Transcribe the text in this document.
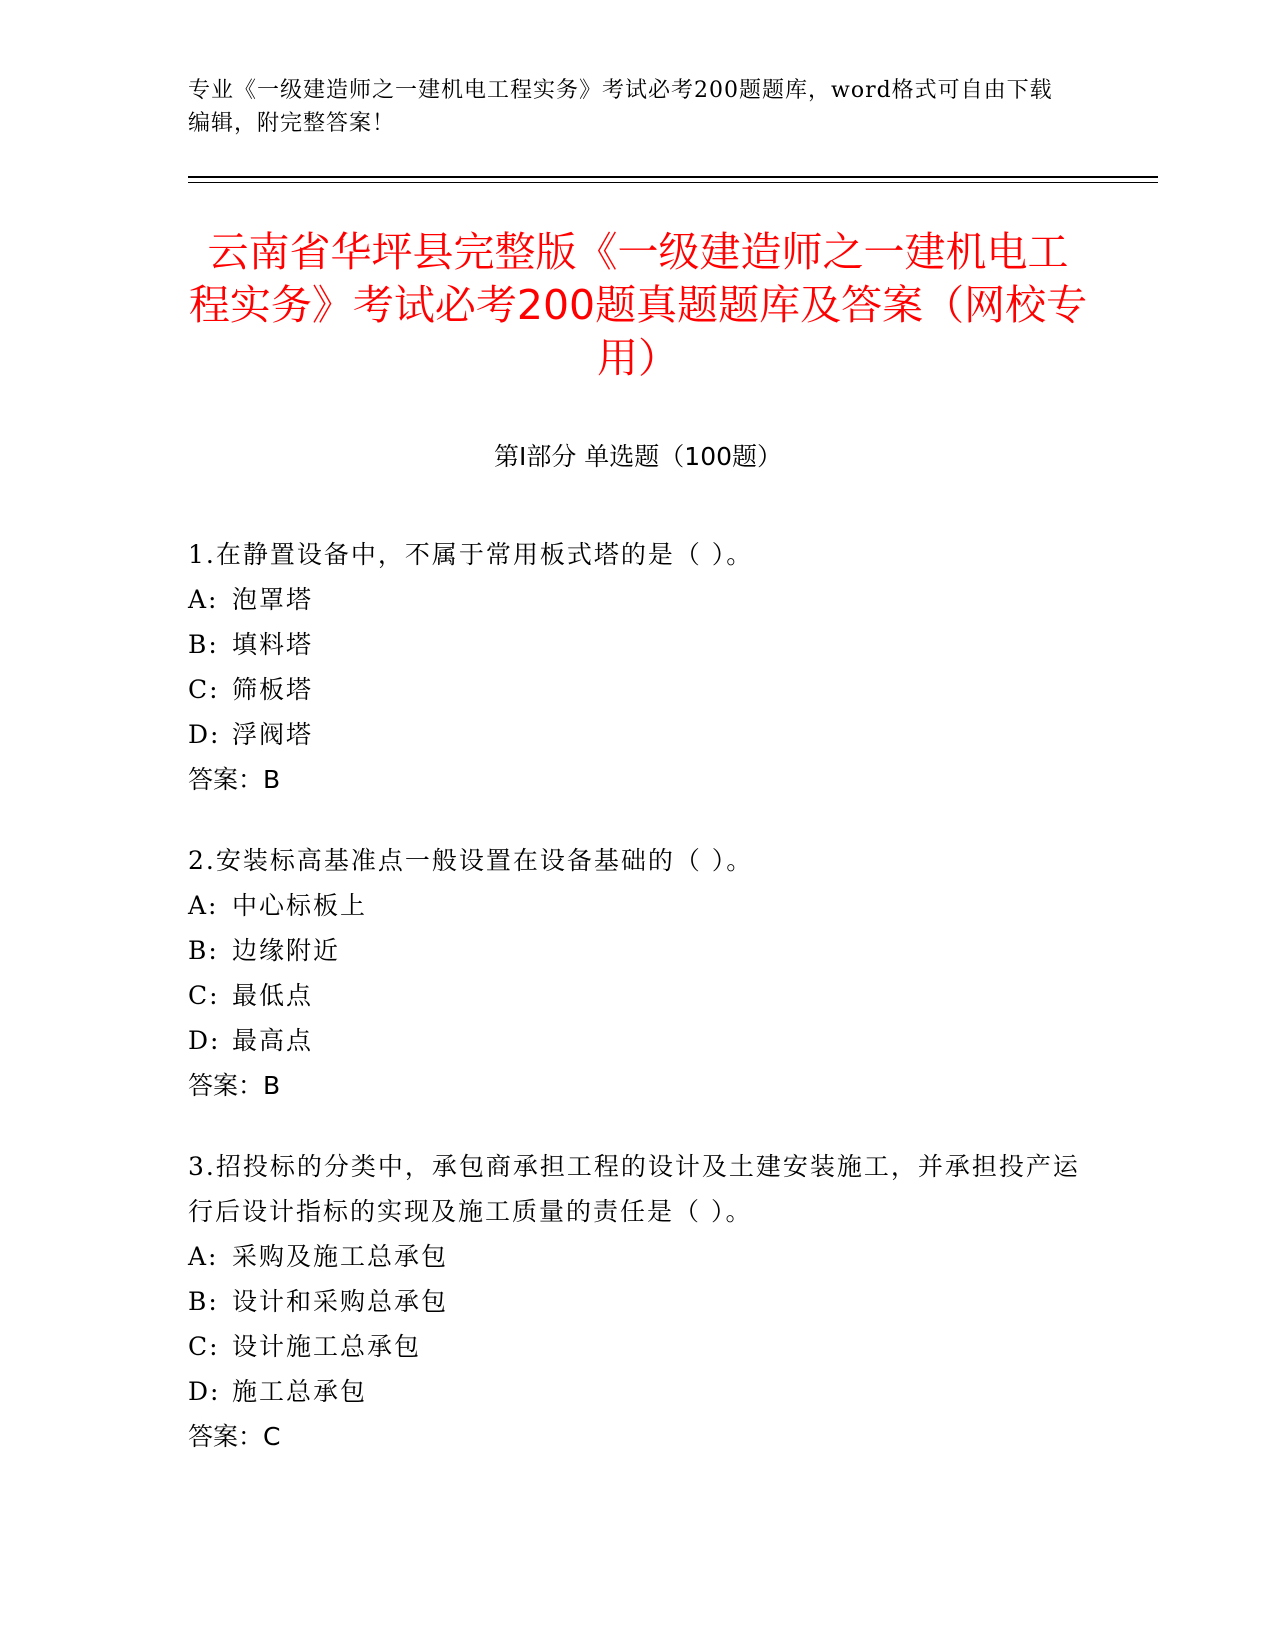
专业《一级建造师之一建机电工程实务》考试必考200题题库，word格式可自由下载编辑，附完整答案！
云南省华坪县完整版《一级建造师之一建机电工程实务》考试必考200题真题题库及答案（网校专用）
第I部分 单选题（100题）
1.在静置设备中，不属于常用板式塔的是（ ）。
A: 泡罩塔
B: 填料塔
C: 筛板塔
D: 浮阀塔
答案：B
2.安装标高基准点一般设置在设备基础的（ ）。
A: 中心标板上
B: 边缘附近
C: 最低点
D: 最高点
答案：B
3.招投标的分类中，承包商承担工程的设计及土建安装施工，并承担投产运行后设计指标的实现及施工质量的责任是（ ）。
A: 采购及施工总承包
B: 设计和采购总承包
C: 设计施工总承包
D: 施工总承包
答案：C
